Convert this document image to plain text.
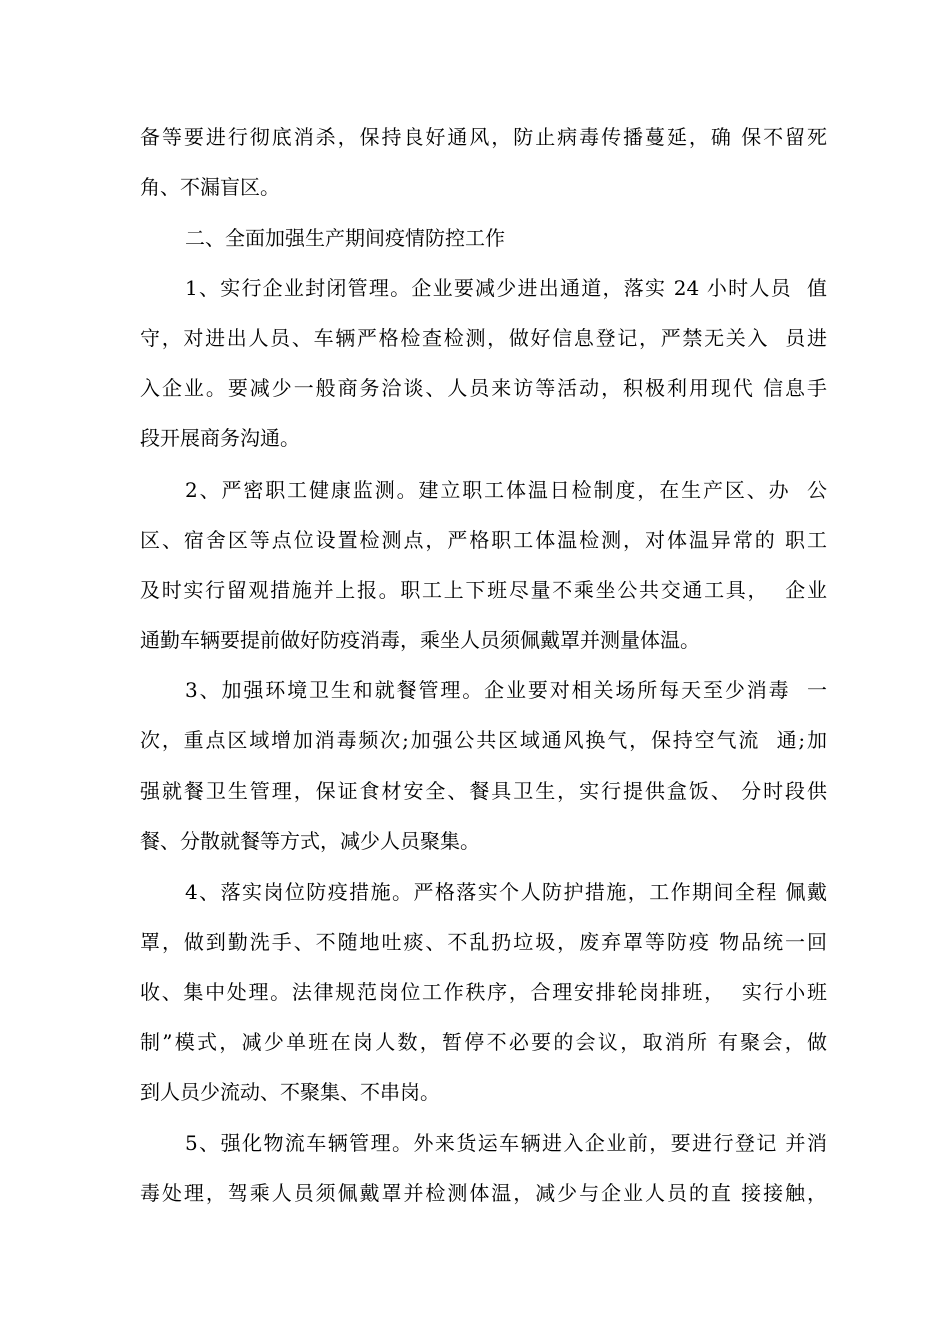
备等要进行彻底消杀，保持良好通风，防止病毒传播蔓延，确 保不留死
角、不漏盲区。
二、全面加强生产期间疫情防控工作
1、实行企业封闭管理。企业要减少进出通道，落实 24 小时人员  值
守，对进出人员、车辆严格检查检测，做好信息登记，严禁无关入  员进
入企业。要减少一般商务洽谈、人员来访等活动，积极利用现代 信息手
段开展商务沟通。
2、严密职工健康监测。建立职工体温日检制度，在生产区、办  公
区、宿舍区等点位设置检测点，严格职工体温检测，对体温异常的 职工
及时实行留观措施并上报。职工上下班尽量不乘坐公共交通工具，  企业
通勤车辆要提前做好防疫消毒，乘坐人员须佩戴罩并测量体温。
3、加强环境卫生和就餐管理。企业要对相关场所每天至少消毒  一
次，重点区域增加消毒频次;加强公共区域通风换气，保持空气流  通;加
强就餐卫生管理，保证食材安全、餐具卫生，实行提供盒饭、 分时段供
餐、分散就餐等方式，减少人员聚集。
4、落实岗位防疫措施。严格落实个人防护措施，工作期间全程 佩戴
罩，做到勤洗手、不随地吐痰、不乱扔垃圾，废弃罩等防疫 物品统一回
收、集中处理。法律规范岗位工作秩序，合理安排轮岗排班，  实行小班
制”模式，减少单班在岗人数，暂停不必要的会议，取消所 有聚会，做
到人员少流动、不聚集、不串岗。
5、强化物流车辆管理。外来货运车辆进入企业前，要进行登记 并消
毒处理，驾乘人员须佩戴罩并检测体温，减少与企业人员的直 接接触，
